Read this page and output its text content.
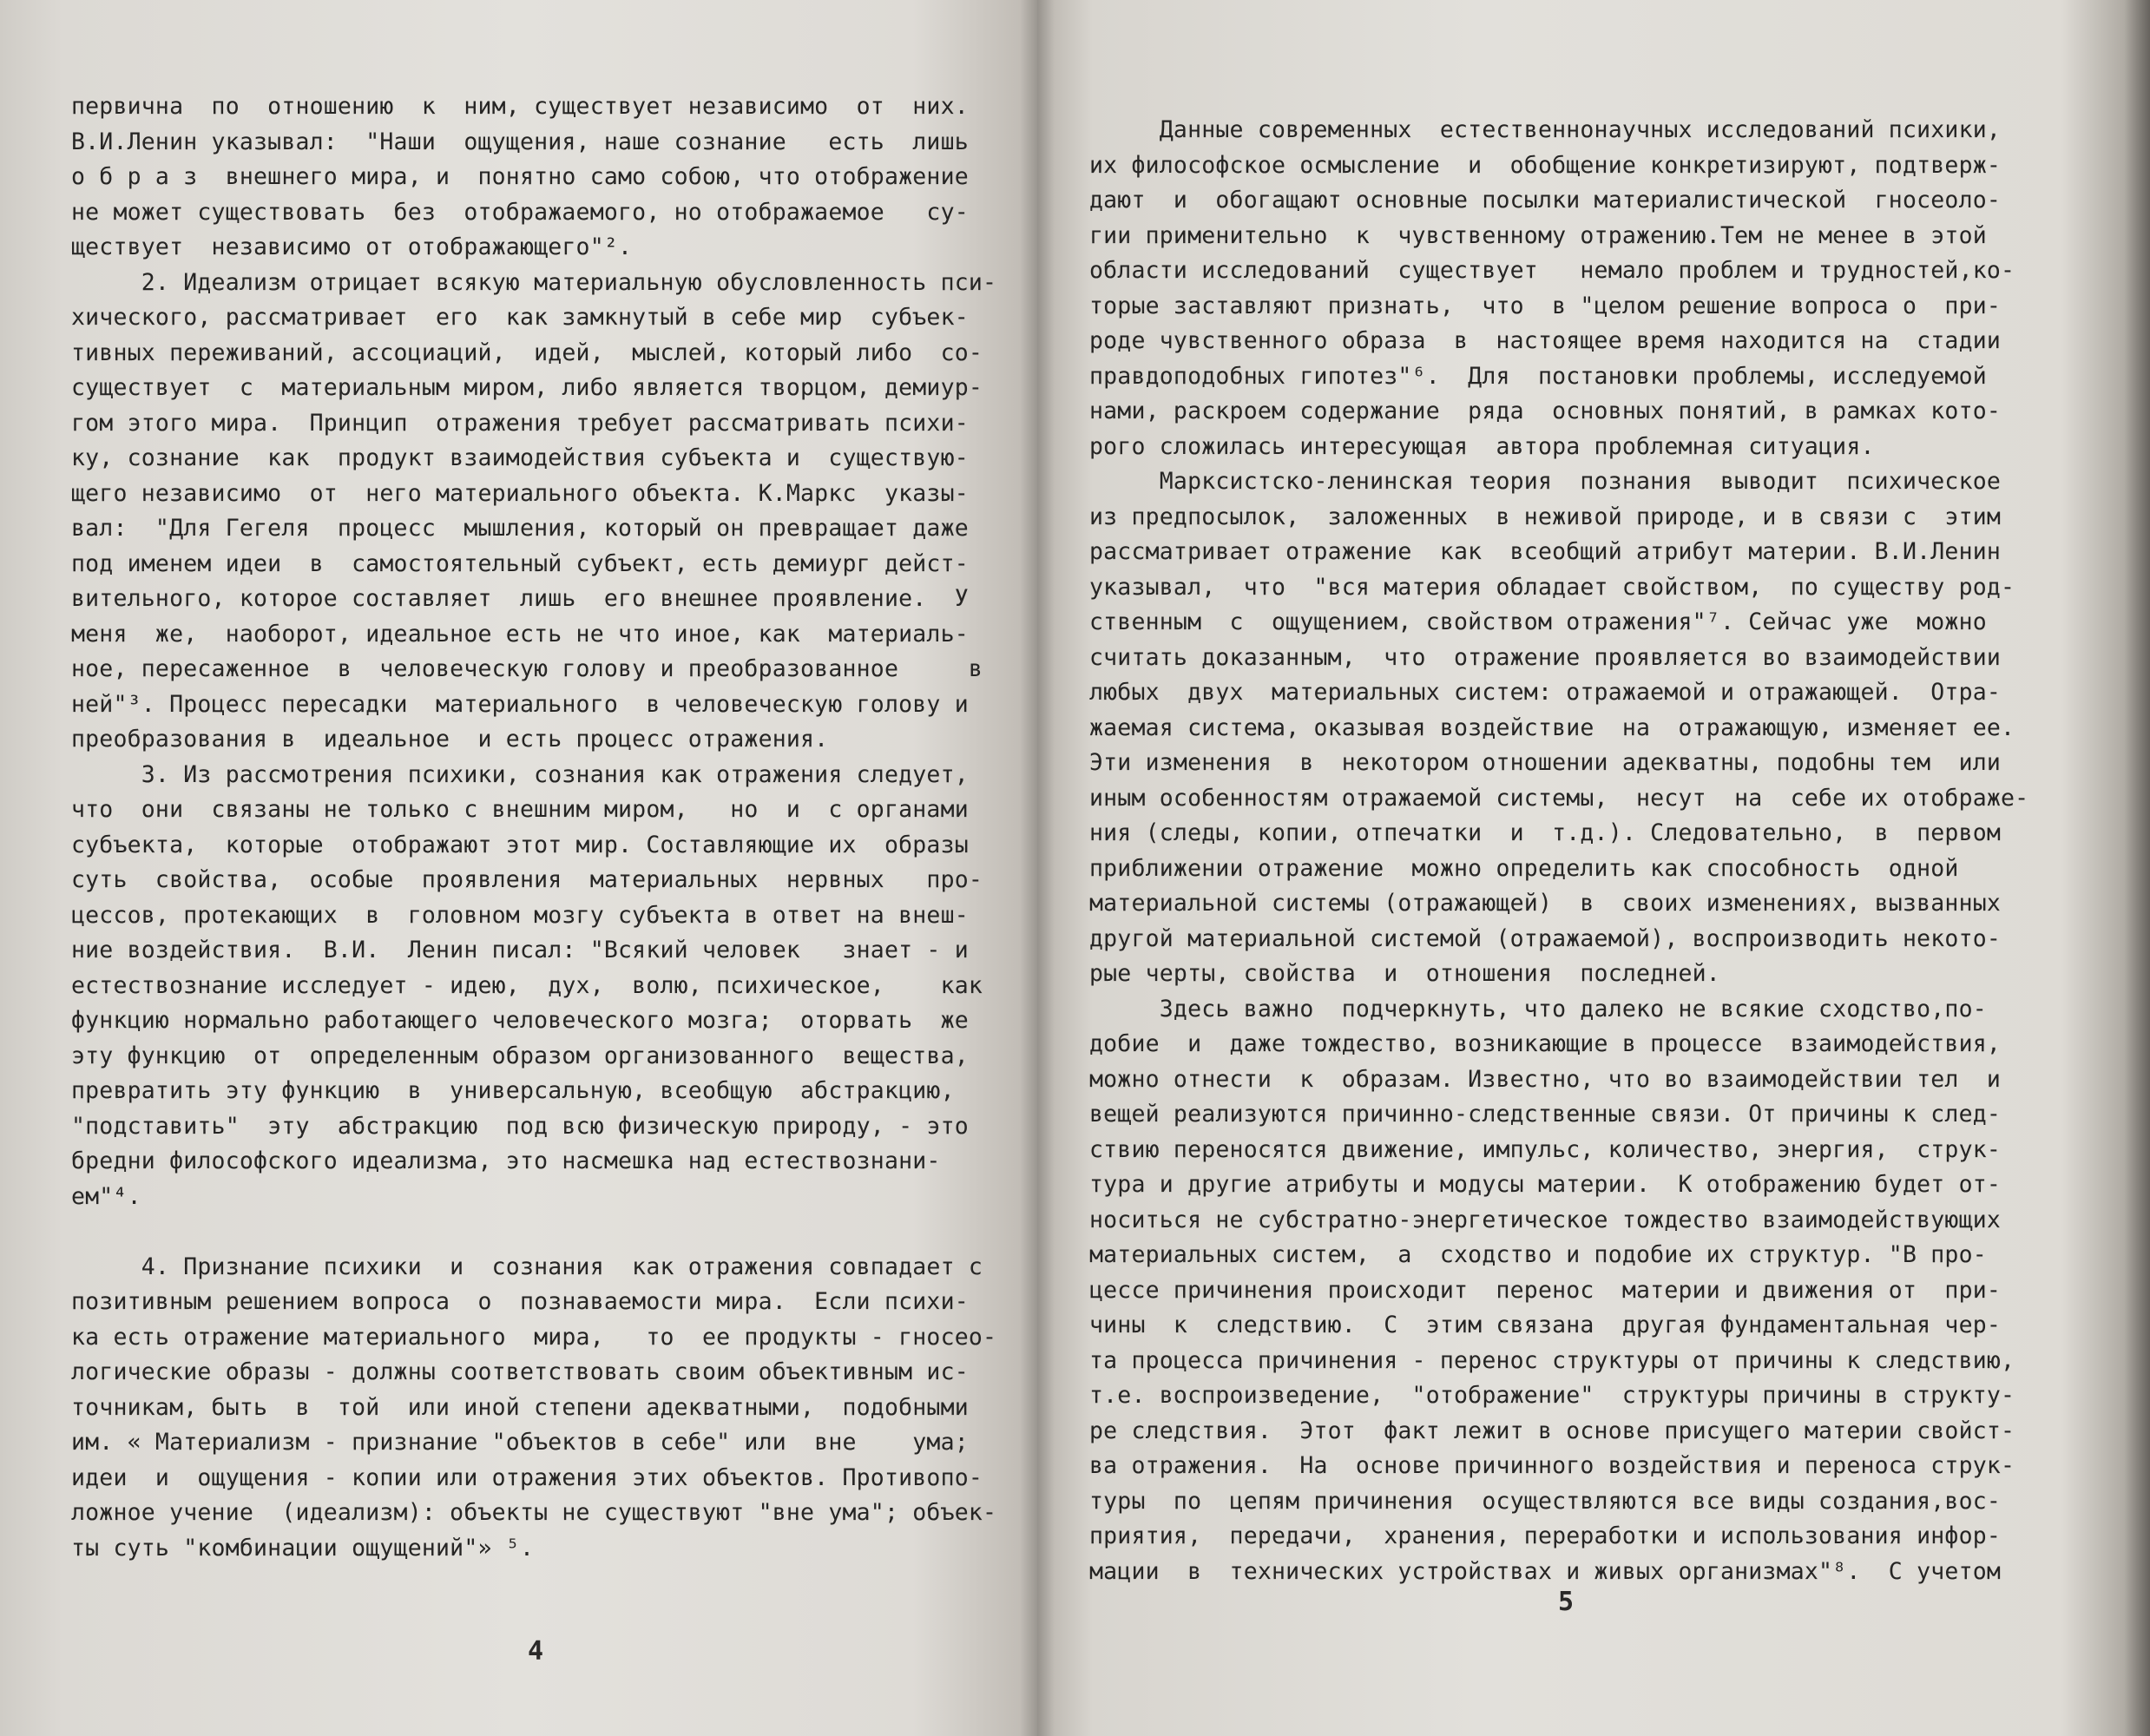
первична  по  отношению  к  ним, существует независимо  от  них.
В.И.Ленин указывал:  "Наши  ощущения, наше сознание   есть  лишь
о б р а з  внешнего мира, и  понятно само собою, что отображение
не может существовать  без  отображаемого, но отображаемое   су-
ществует  независимо от отображающего"².
2. Идеализм отрицает всякую материальную обусловленность пси-
хического, рассматривает  его  как замкнутый в себе мир  субъек-
тивных переживаний, ассоциаций,  идей,  мыслей, который либо  со-
существует  с  материальным миром, либо является творцом, демиур-
гом этого мира.  Принцип  отражения требует рассматривать психи-
ку, сознание  как  продукт взаимодействия субъекта и  существую-
щего независимо  от  него материального объекта. К.Маркс  указы-
вал:  "Для Гегеля  процесс  мышления, который он превращает даже
под именем идеи  в  самостоятельный субъект, есть демиург дейст-
вительного, которое составляет  лишь  его внешнее проявление.  У
меня  же,  наоборот, идеальное есть не что иное, как  материаль-
ное, пересаженное  в  человеческую голову и преобразованное     в
ней"³. Процесс пересадки  материального  в человеческую голову и
преобразования в  идеальное  и есть процесс отражения.
3. Из рассмотрения психики, сознания как отражения следует,
что  они  связаны не только с внешним миром,   но  и  с органами
субъекта,  которые  отображают этот мир. Составляющие их  образы
суть  свойства,  особые  проявления  материальных  нервных   про-
цессов, протекающих  в  головном мозгу субъекта в ответ на внеш-
ние воздействия.  В.И.  Ленин писал: "Всякий человек   знает - и
естествознание исследует - идею,  дух,  волю, психическое,    как
функцию нормально работающего человеческого мозга;  оторвать  же
эту функцию  от  определенным образом организованного  вещества,
превратить эту функцию  в  универсальную, всеобщую  абстракцию,
"подставить"  эту  абстракцию  под всю физическую природу, - это
бредни философского идеализма, это насмешка над естествознани-
ем"⁴.
4. Признание психики  и  сознания  как отражения совпадает с
позитивным решением вопроса  о  познаваемости мира.  Если психи-
ка есть отражение материального  мира,   то  ее продукты - гносео-
логические образы - должны соответствовать своим объективным ис-
точникам, быть  в  той  или иной степени адекватными,  подобными
им. « Материализм - признание "объектов в себе" или  вне    ума;
идеи  и  ощущения - копии или отражения этих объектов. Противопо-
ложное учение  (идеализм): объекты не существуют "вне ума"; объек-
ты суть "комбинации ощущений"» ⁵.
4
Данные современных  естественнонаучных исследований психики,
их философское осмысление  и  обобщение конкретизируют, подтверж-
дают  и  обогащают основные посылки материалистической  гносеоло-
гии применительно  к  чувственному отражению.Тем не менее в этой
области исследований  существует   немало проблем и трудностей,ко-
торые заставляют признать,  что  в "целом решение вопроса о  при-
роде чувственного образа  в  настоящее время находится на  стадии
правдоподобных гипотез"⁶.  Для  постановки проблемы, исследуемой
нами, раскроем содержание  ряда  основных понятий, в рамках кото-
рого сложилась интересующая  автора проблемная ситуация.
Марксистско-ленинская теория  познания  выводит  психическое
из предпосылок,  заложенных  в неживой природе, и в связи с  этим
рассматривает отражение  как  всеобщий атрибут материи. В.И.Ленин
указывал,  что  "вся материя обладает свойством,  по существу род-
ственным  с  ощущением, свойством отражения"⁷. Сейчас уже  можно
считать доказанным,  что  отражение проявляется во взаимодействии
любых  двух  материальных систем: отражаемой и отражающей.  Отра-
жаемая система, оказывая воздействие  на  отражающую, изменяет ее.
Эти изменения  в  некотором отношении адекватны, подобны тем  или
иным особенностям отражаемой системы,  несут  на  себе их отображе-
ния (следы, копии, отпечатки  и  т.д.). Следовательно,  в  первом
приближении отражение  можно определить как способность  одной
материальной системы (отражающей)  в  своих изменениях, вызванных
другой материальной системой (отражаемой), воспроизводить некото-
рые черты, свойства  и  отношения  последней.
Здесь важно  подчеркнуть, что далеко не всякие сходство,по-
добие  и  даже тождество, возникающие в процессе  взаимодействия,
можно отнести  к  образам. Известно, что во взаимодействии тел  и
вещей реализуются причинно-следственные связи. От причины к след-
ствию переносятся движение, импульс, количество, энергия,  струк-
тура и другие атрибуты и модусы материи.  К отображению будет от-
носиться не субстратно-энергетическое тождество взаимодействующих
материальных систем,  а  сходство и подобие их структур. "В про-
цессе причинения происходит  перенос  материи и движения от  при-
чины  к  следствию.  С  этим связана  другая фундаментальная чер-
та процесса причинения - перенос структуры от причины к следствию,
т.е. воспроизведение,  "отображение"  структуры причины в структу-
ре следствия.  Этот  факт лежит в основе присущего материи свойст-
ва отражения.  На  основе причинного воздействия и переноса струк-
туры  по  цепям причинения  осуществляются все виды создания,вос-
приятия,  передачи,  хранения, переработки и использования инфор-
мации  в  технических устройствах и живых организмах"⁸.  С учетом
5
